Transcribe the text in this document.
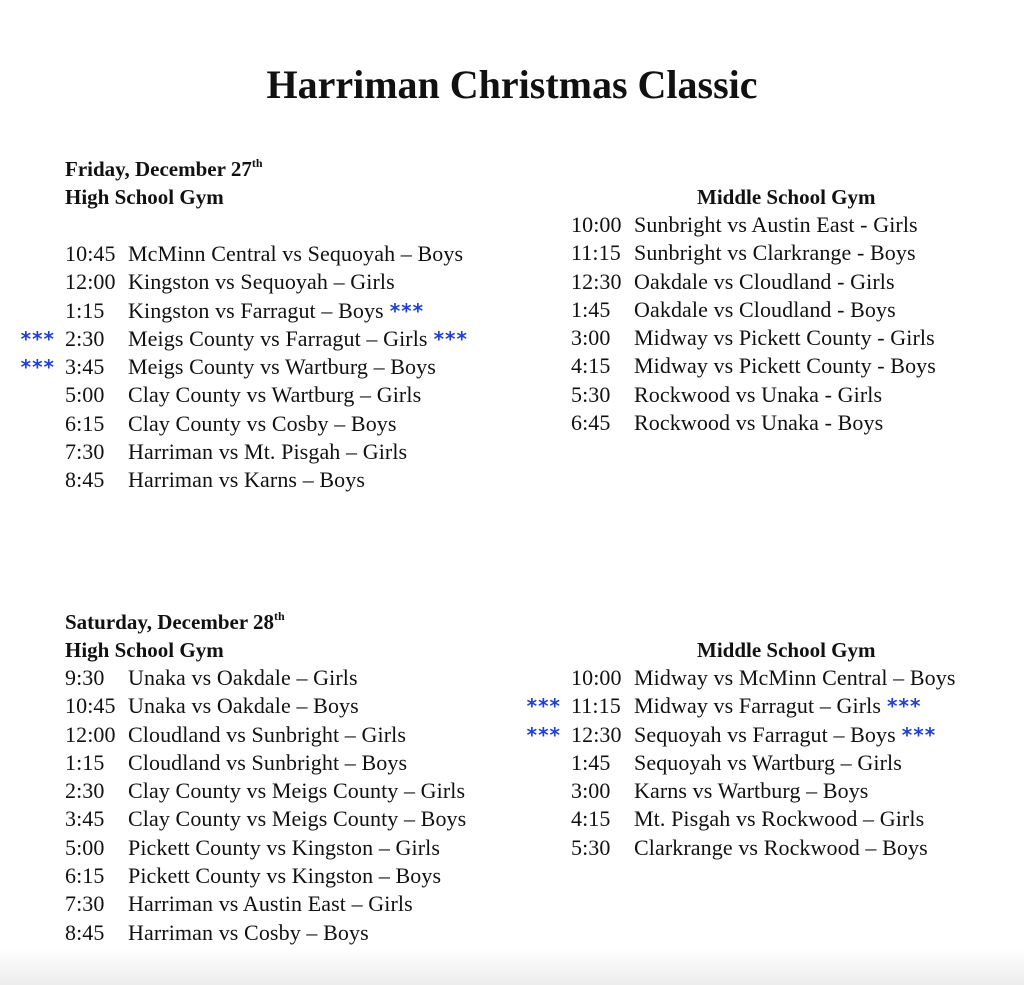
Harriman Christmas Classic
Friday, December 27th
High School Gym
10:45 McMinn Central vs Sequoyah – Boys
12:00 Kingston vs Sequoyah – Girls
1:15 Kingston vs Farragut – Boys ***
*** 2:30 Meigs County vs Farragut – Girls ***
*** 3:45 Meigs County vs Wartburg – Boys
5:00 Clay County vs Wartburg – Girls
6:15 Clay County vs Cosby – Boys
7:30 Harriman vs Mt. Pisgah – Girls
8:45 Harriman vs Karns – Boys
Middle School Gym
10:00 Sunbright vs Austin East - Girls
11:15 Sunbright vs Clarkrange - Boys
12:30 Oakdale vs Cloudland - Girls
1:45 Oakdale vs Cloudland - Boys
3:00 Midway vs Pickett County - Girls
4:15 Midway vs Pickett County - Boys
5:30 Rockwood vs Unaka - Girls
6:45 Rockwood vs Unaka - Boys
Saturday, December 28th
High School Gym
9:30 Unaka vs Oakdale – Girls
10:45 Unaka vs Oakdale – Boys
12:00 Cloudland vs Sunbright – Girls
1:15 Cloudland vs Sunbright – Boys
2:30 Clay County vs Meigs County – Girls
3:45 Clay County vs Meigs County – Boys
5:00 Pickett County vs Kingston – Girls
6:15 Pickett County vs Kingston – Boys
7:30 Harriman vs Austin East – Girls
8:45 Harriman vs Cosby – Boys
Middle School Gym
10:00 Midway vs McMinn Central – Boys
*** 11:15 Midway vs Farragut – Girls ***
*** 12:30 Sequoyah vs Farragut – Boys ***
1:45 Sequoyah vs Wartburg – Girls
3:00 Karns vs Wartburg – Boys
4:15 Mt. Pisgah vs Rockwood – Girls
5:30 Clarkrange vs Rockwood – Boys
